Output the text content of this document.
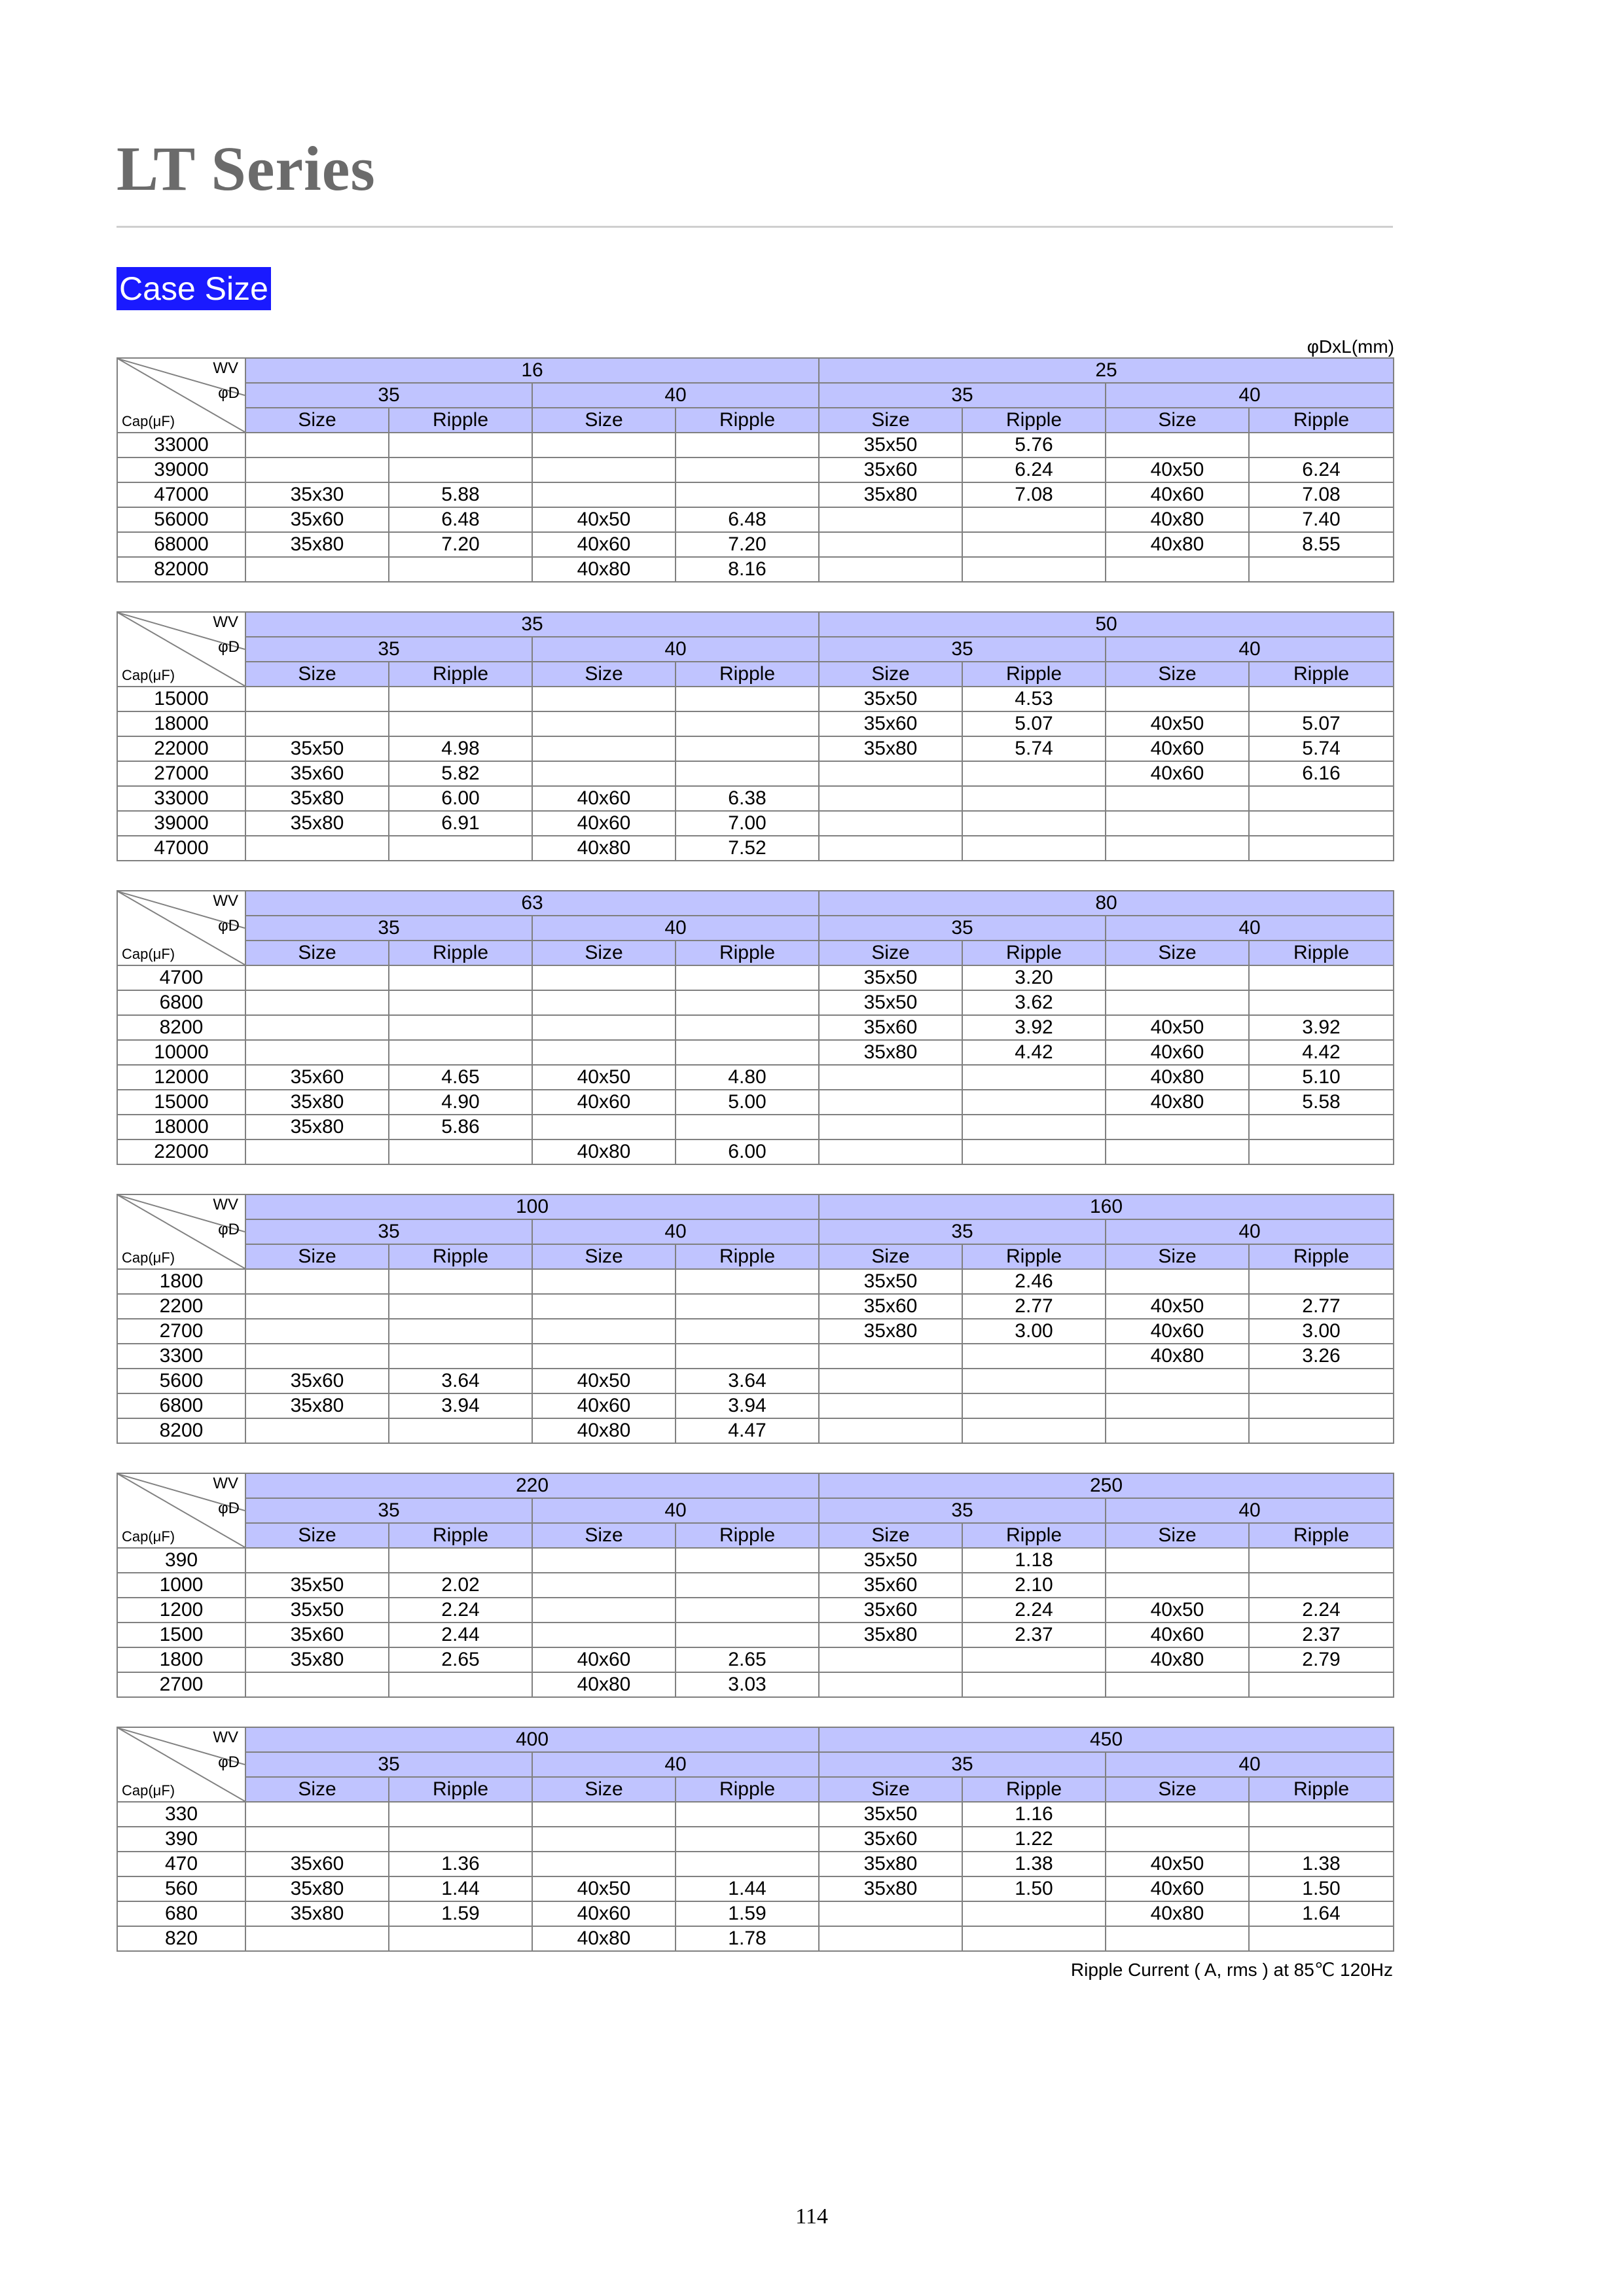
LT Series
Case Size
φDxL(mm)
WV
φD
Cap(μF)	16				25			
	35		40		35		40	
	Size	Ripple	Size	Ripple	Size	Ripple	Size	Ripple
33000					35x50	5.76		
39000					35x60	6.24	40x50	6.24
47000	35x30	5.88			35x80	7.08	40x60	7.08
56000	35x60	6.48	40x50	6.48			40x80	7.40
68000	35x80	7.20	40x60	7.20			40x80	8.55
82000			40x80	8.16				
WV
φD
Cap(μF)	35				50			
	35		40		35		40	
	Size	Ripple	Size	Ripple	Size	Ripple	Size	Ripple
15000					35x50	4.53		
18000					35x60	5.07	40x50	5.07
22000	35x50	4.98			35x80	5.74	40x60	5.74
27000	35x60	5.82					40x60	6.16
33000	35x80	6.00	40x60	6.38				
39000	35x80	6.91	40x60	7.00				
47000			40x80	7.52				
WV
φD
Cap(μF)	63				80			
	35		40		35		40	
	Size	Ripple	Size	Ripple	Size	Ripple	Size	Ripple
4700					35x50	3.20		
6800					35x50	3.62		
8200					35x60	3.92	40x50	3.92
10000					35x80	4.42	40x60	4.42
12000	35x60	4.65	40x50	4.80			40x80	5.10
15000	35x80	4.90	40x60	5.00			40x80	5.58
18000	35x80	5.86						
22000			40x80	6.00				
WV
φD
Cap(μF)	100				160			
	35		40		35		40	
	Size	Ripple	Size	Ripple	Size	Ripple	Size	Ripple
1800					35x50	2.46		
2200					35x60	2.77	40x50	2.77
2700					35x80	3.00	40x60	3.00
3300							40x80	3.26
5600	35x60	3.64	40x50	3.64				
6800	35x80	3.94	40x60	3.94				
8200			40x80	4.47				
WV
φD
Cap(μF)	220				250			
	35		40		35		40	
	Size	Ripple	Size	Ripple	Size	Ripple	Size	Ripple
390					35x50	1.18		
1000	35x50	2.02			35x60	2.10		
1200	35x50	2.24			35x60	2.24	40x50	2.24
1500	35x60	2.44			35x80	2.37	40x60	2.37
1800	35x80	2.65	40x60	2.65			40x80	2.79
2700			40x80	3.03				
WV
φD
Cap(μF)	400				450			
	35		40		35		40	
	Size	Ripple	Size	Ripple	Size	Ripple	Size	Ripple
330					35x50	1.16		
390					35x60	1.22		
470	35x60	1.36			35x80	1.38	40x50	1.38
560	35x80	1.44	40x50	1.44	35x80	1.50	40x60	1.50
680	35x80	1.59	40x60	1.59			40x80	1.64
820			40x80	1.78				
Ripple Current ( A, rms ) at 85℃ 120Hz
114
